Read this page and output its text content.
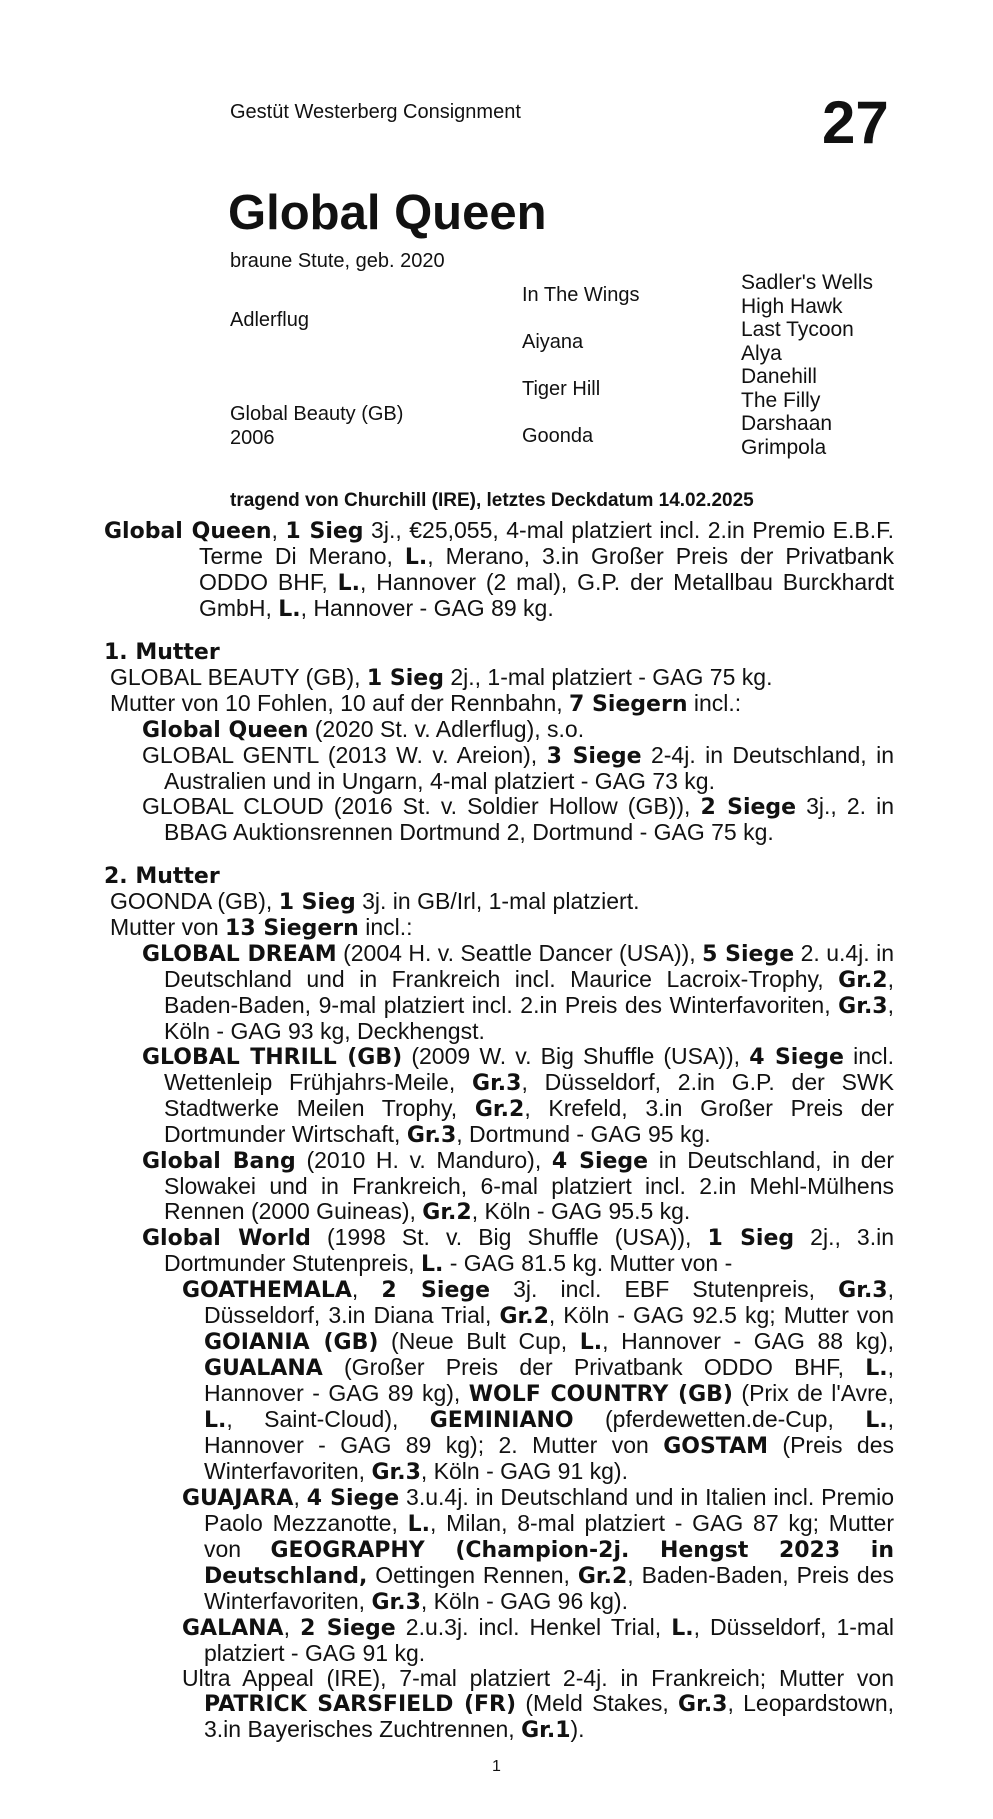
Gestüt Westerberg Consignment	27
Global Queen
braune Stute, geb. 2020
Adlerflug
Global Beauty (GB)
2006
In The Wings
Aiyana
Tiger Hill
Goonda
Sadler's Wells
High Hawk
Last Tycoon
Alya
Danehill
The Filly
Darshaan
Grimpola
tragend von Churchill (IRE), letztes Deckdatum 14.02.2025
Global Queen, 1 Sieg 3j., €25,055, 4-mal platziert incl. 2.in Premio E.B.F. Terme Di Merano, L., Merano, 3.in Großer Preis der Privatbank ODDO BHF, L., Hannover (2 mal), G.P. der Metallbau Burckhardt GmbH, L., Hannover - GAG 89 kg.
1. Mutter
GLOBAL BEAUTY (GB), 1 Sieg 2j., 1-mal platziert - GAG 75 kg.
Mutter von 10 Fohlen, 10 auf der Rennbahn, 7 Siegern incl.:
Global Queen (2020 St. v. Adlerflug), s.o.
GLOBAL GENTL (2013 W. v. Areion), 3 Siege 2-4j. in Deutschland, in Australien und in Ungarn, 4-mal platziert - GAG 73 kg.
GLOBAL CLOUD (2016 St. v. Soldier Hollow (GB)), 2 Siege 3j., 2. in BBAG Auktionsrennen Dortmund 2, Dortmund - GAG 75 kg.
2. Mutter
GOONDA (GB), 1 Sieg 3j. in GB/Irl, 1-mal platziert.
Mutter von 13 Siegern incl.:
GLOBAL DREAM (2004 H. v. Seattle Dancer (USA)), 5 Siege 2. u.4j. in Deutschland und in Frankreich incl. Maurice Lacroix-Trophy, Gr.2, Baden-Baden, 9-mal platziert incl. 2.in Preis des Winterfavoriten, Gr.3, Köln - GAG 93 kg, Deckhengst.
GLOBAL THRILL (GB) (2009 W. v. Big Shuffle (USA)), 4 Siege incl. Wettenleip Frühjahrs-Meile, Gr.3, Düsseldorf, 2.in G.P. der SWK Stadtwerke Meilen Trophy, Gr.2, Krefeld, 3.in Großer Preis der Dortmunder Wirtschaft, Gr.3, Dortmund - GAG 95 kg.
Global Bang (2010 H. v. Manduro), 4 Siege in Deutschland, in der Slowakei und in Frankreich, 6-mal platziert incl. 2.in Mehl-Mülhens Rennen (2000 Guineas), Gr.2, Köln - GAG 95.5 kg.
Global World (1998 St. v. Big Shuffle (USA)), 1 Sieg 2j., 3.in Dortmunder Stutenpreis, L. - GAG 81.5 kg. Mutter von -
GOATHEMALA, 2 Siege 3j. incl. EBF Stutenpreis, Gr.3, Düsseldorf, 3.in Diana Trial, Gr.2, Köln - GAG 92.5 kg; Mutter von GOIANIA (GB) (Neue Bult Cup, L., Hannover - GAG 88 kg), GUALANA (Großer Preis der Privatbank ODDO BHF, L., Hannover - GAG 89 kg), WOLF COUNTRY (GB) (Prix de l'Avre, L., Saint-Cloud), GEMINIANO (pferdewetten.de-Cup, L., Hannover - GAG 89 kg); 2. Mutter von GOSTAM (Preis des Winterfavoriten, Gr.3, Köln - GAG 91 kg).
GUAJARA, 4 Siege 3.u.4j. in Deutschland und in Italien incl. Premio Paolo Mezzanotte, L., Milan, 8-mal platziert - GAG 87 kg; Mutter von GEOGRAPHY (Champion-2j. Hengst 2023 in Deutschland, Oettingen Rennen, Gr.2, Baden-Baden, Preis des Winterfavoriten, Gr.3, Köln - GAG 96 kg).
GALANA, 2 Siege 2.u.3j. incl. Henkel Trial, L., Düsseldorf, 1-mal platziert - GAG 91 kg.
Ultra Appeal (IRE), 7-mal platziert 2-4j. in Frankreich; Mutter von PATRICK SARSFIELD (FR) (Meld Stakes, Gr.3, Leopardstown, 3.in Bayerisches Zuchtrennen, Gr.1).
1
